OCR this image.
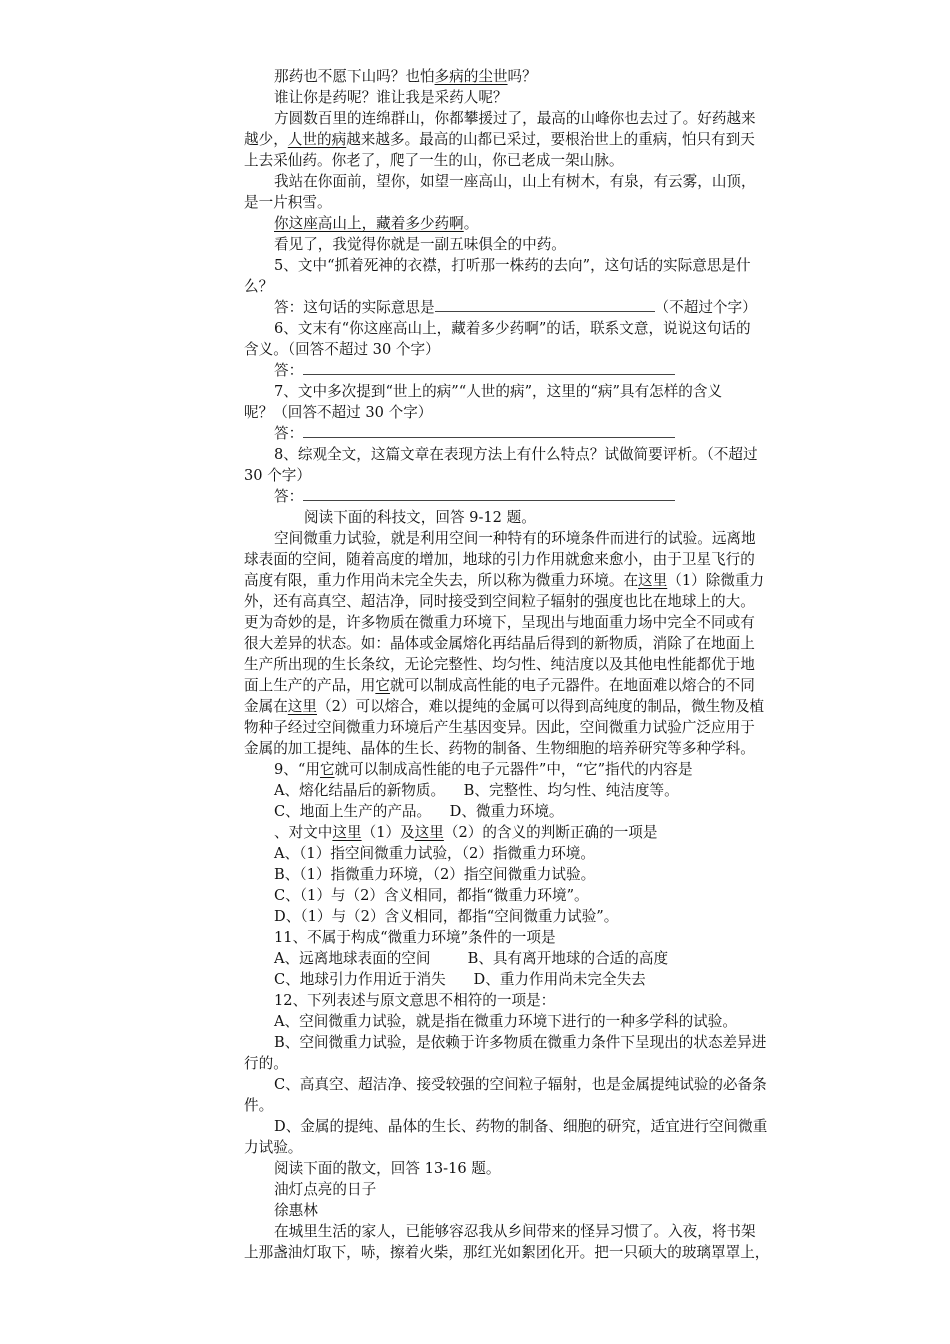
那药也不愿下山吗？也怕多病的尘世吗？
谁让你是药呢？谁让我是采药人呢？
方圆数百里的连绵群山，你都攀援过了，最高的山峰你也去过了。好药越来
越少，人世的病越来越多。最高的山都已采过，要根治世上的重病，怕只有到天
上去采仙药。你老了，爬了一生的山，你已老成一架山脉。
我站在你面前，望你，如望一座高山，山上有树木，有泉，有云雾，山顶，
是一片积雪。
你这座高山上，藏着多少药啊。
看见了，我觉得你就是一副五味俱全的中药。
5、文中“抓着死神的衣襟，打听那一株药的去向”，这句话的实际意思是什
么？
答：这句话的实际意思是	（不超过个字）
6、文末有“你这座高山上，藏着多少药啊”的话，联系文意，说说这句话的
含义。（回答不超过 30 个字）
答：
7、文中多次提到“世上的病”“人世的病”，这里的“病”具有怎样的含义
呢？（回答不超过 30 个字）
答：
8、综观全文，这篇文章在表现方法上有什么特点？试做简要评析。（不超过
30 个字）
答：
阅读下面的科技文，回答 9-12 题。
空间微重力试验，就是利用空间一种特有的环境条件而进行的试验。远离地
球表面的空间，随着高度的增加，地球的引力作用就愈来愈小，由于卫星飞行的
高度有限，重力作用尚未完全失去，所以称为微重力环境。在这里（1）除微重力
外，还有高真空、超洁净，同时接受到空间粒子辐射的强度也比在地球上的大。
更为奇妙的是，许多物质在微重力环境下，呈现出与地面重力场中完全不同或有
很大差异的状态。如：晶体或金属熔化再结晶后得到的新物质，消除了在地面上
生产所出现的生长条纹，无论完整性、均匀性、纯洁度以及其他电性能都优于地
面上生产的产品，用它就可以制成高性能的电子元器件。在地面难以熔合的不同
金属在这里（2）可以熔合，难以提纯的金属可以得到高纯度的制品，微生物及植
物种子经过空间微重力环境后产生基因变异。因此，空间微重力试验广泛应用于
金属的加工提纯、晶体的生长、药物的制备、生物细胞的培养研究等多种学科。
9、“用它就可以制成高性能的电子元器件”中，“它”指代的内容是
A、熔化结晶后的新物质。    B、完整性、均匀性、纯洁度等。
C、地面上生产的产品。    D、微重力环境。
、对文中这里（1）及这里（2）的含义的判断正确的一项是
A、（1）指空间微重力试验，（2）指微重力环境。
B、（1）指微重力环境，（2）指空间微重力试验。
C、（1）与（2）含义相同，都指“微重力环境”。
D、（1）与（2）含义相同，都指“空间微重力试验”。
11、不属于构成“微重力环境”条件的一项是
A、远离地球表面的空间        B、具有离开地球的合适的高度
C、地球引力作用近于消失      D、重力作用尚未完全失去
12、下列表述与原文意思不相符的一项是：
A、空间微重力试验，就是指在微重力环境下进行的一种多学科的试验。
B、空间微重力试验，是依赖于许多物质在微重力条件下呈现出的状态差异进
行的。
C、高真空、超洁净、接受较强的空间粒子辐射，也是金属提纯试验的必备条
件。
D、金属的提纯、晶体的生长、药物的制备、细胞的研究，适宜进行空间微重
力试验。
阅读下面的散文，回答 13-16 题。
油灯点亮的日子
徐惠林
在城里生活的家人，已能够容忍我从乡间带来的怪异习惯了。入夜，将书架
上那盏油灯取下，哧，擦着火柴，那红光如絮团化开。把一只硕大的玻璃罩罩上，
